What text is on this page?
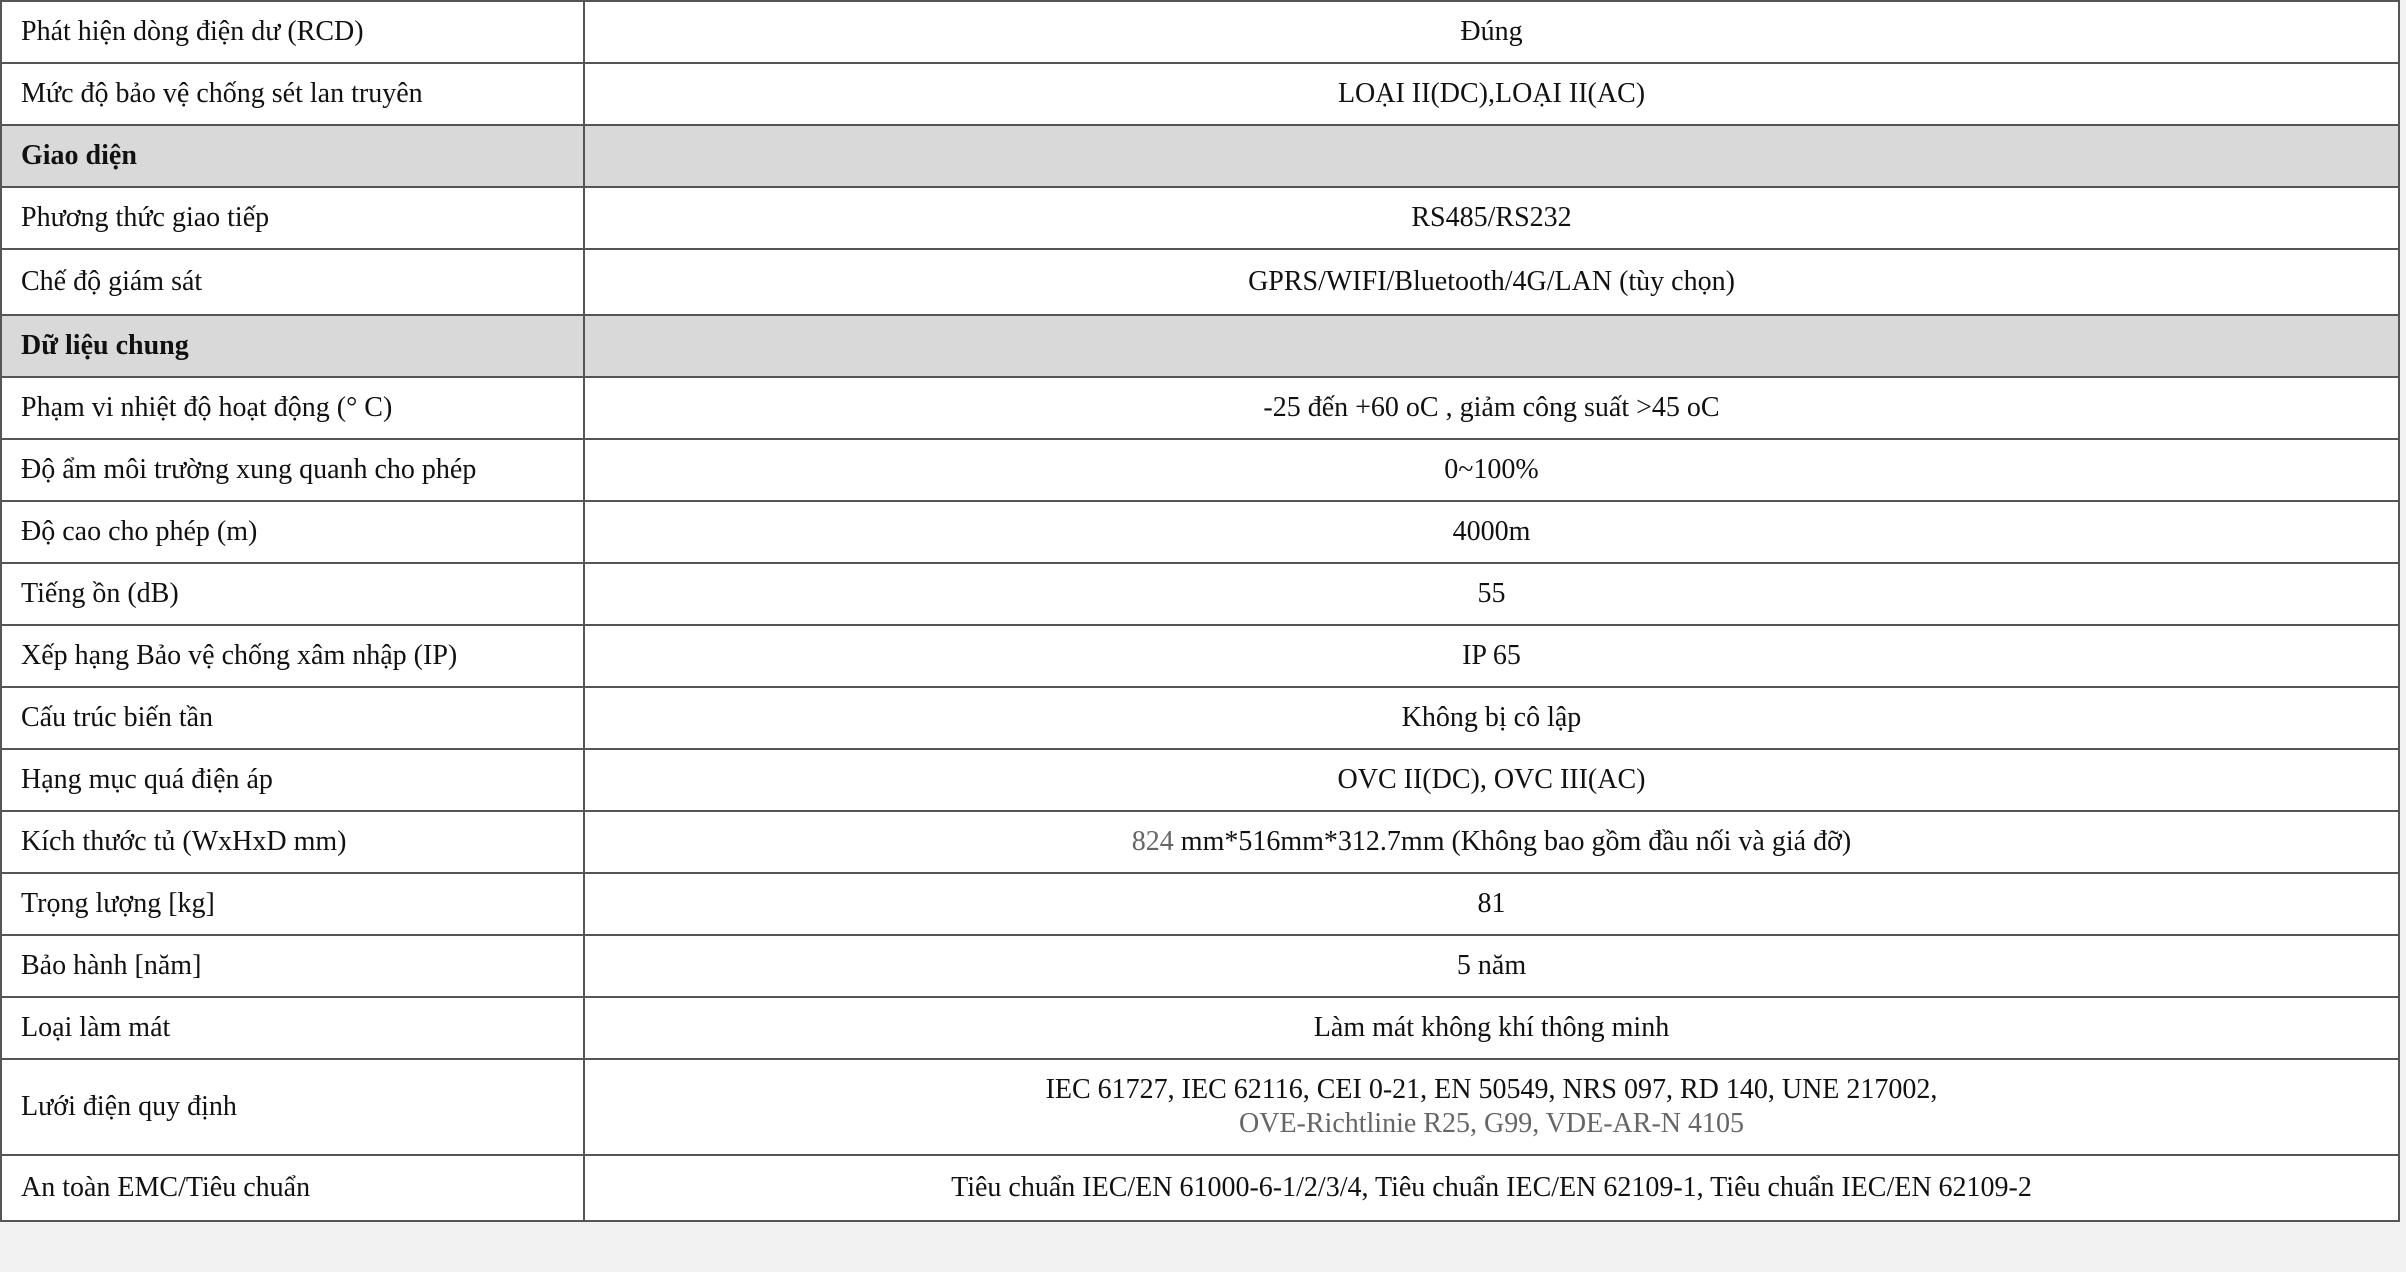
Phát hiện dòng điện dư (RCD)	Đúng
Mức độ bảo vệ chống sét lan truyên	LOẠI II(DC),LOẠI II(AC)
Giao diện	
Phương thức giao tiếp	RS485/RS232
Chế độ giám sát	GPRS/WIFI/Bluetooth/4G/LAN (tùy chọn)
Dữ liệu chung	
Phạm vi nhiệt độ hoạt động (° C)	-25 đến +60 oC , giảm công suất >45 oC
Độ ẩm môi trường xung quanh cho phép	0~100%
Độ cao cho phép (m)	4000m
Tiếng ồn (dB)	55
Xếp hạng Bảo vệ chống xâm nhập (IP)	IP 65
Cấu trúc biến tần	Không bị cô lập
Hạng mục quá điện áp	OVC II(DC), OVC III(AC)
Kích thước tủ (WxHxD mm)	824 mm*516mm*312.7mm (Không bao gồm đầu nối và giá đỡ)
Trọng lượng [kg]	81
Bảo hành [năm]	5 năm
Loại làm mát	Làm mát không khí thông minh
Lưới điện quy định	IEC 61727, IEC 62116, CEI 0-21, EN 50549, NRS 097, RD 140, UNE 217002,
OVE-Richtlinie R25, G99, VDE-AR-N 4105

An toàn EMC/Tiêu chuẩn	Tiêu chuẩn IEC/EN 61000-6-1/2/3/4, Tiêu chuẩn IEC/EN 62109-1, Tiêu chuẩn IEC/EN 62109-2
